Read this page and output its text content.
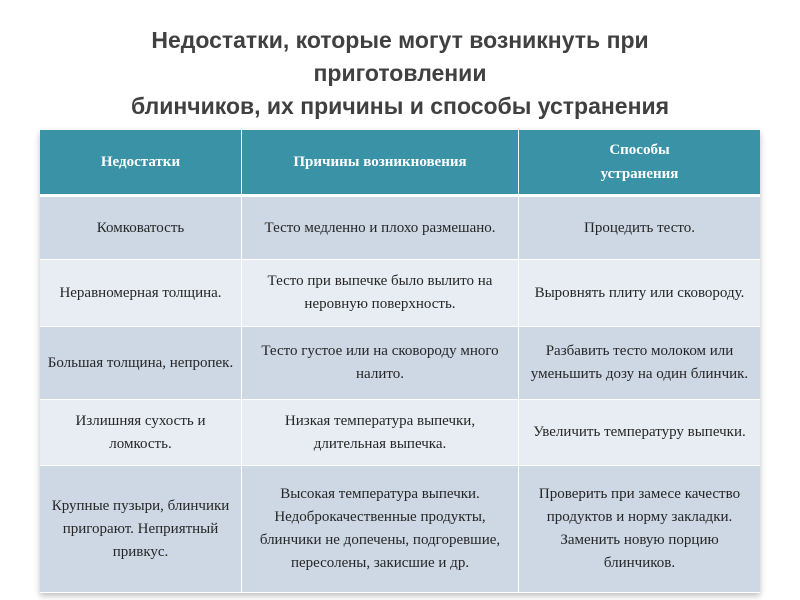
Недостатки, которые могут возникнуть при
приготовлении
блинчиков, их причины и способы устранения
Недостатки	Причины возникновения	Способы устранения
Комковатость	Тесто медленно и плохо размешано.	Процедить тесто.
Неравномерная толщина.	Тесто при выпечке было вылито на неровную поверхность.	Выровнять плиту или сковороду.
Большая толщина, непропек.	Тесто густое или на сковороду много налито.	Разбавить тесто молоком или уменьшить дозу на один блинчик.
Излишняя сухость и ломкость.	Низкая температура выпечки, длительная выпечка.	Увеличить температуру выпечки.
Крупные пузыри, блинчики пригорают. Неприятный привкус.	Высокая температура выпечки. Недоброкачественные продукты, блинчики не допечены, подгоревшие, пересолены, закисшие и др.	Проверить при замесе качество продуктов и норму закладки. Заменить новую порцию блинчиков.
